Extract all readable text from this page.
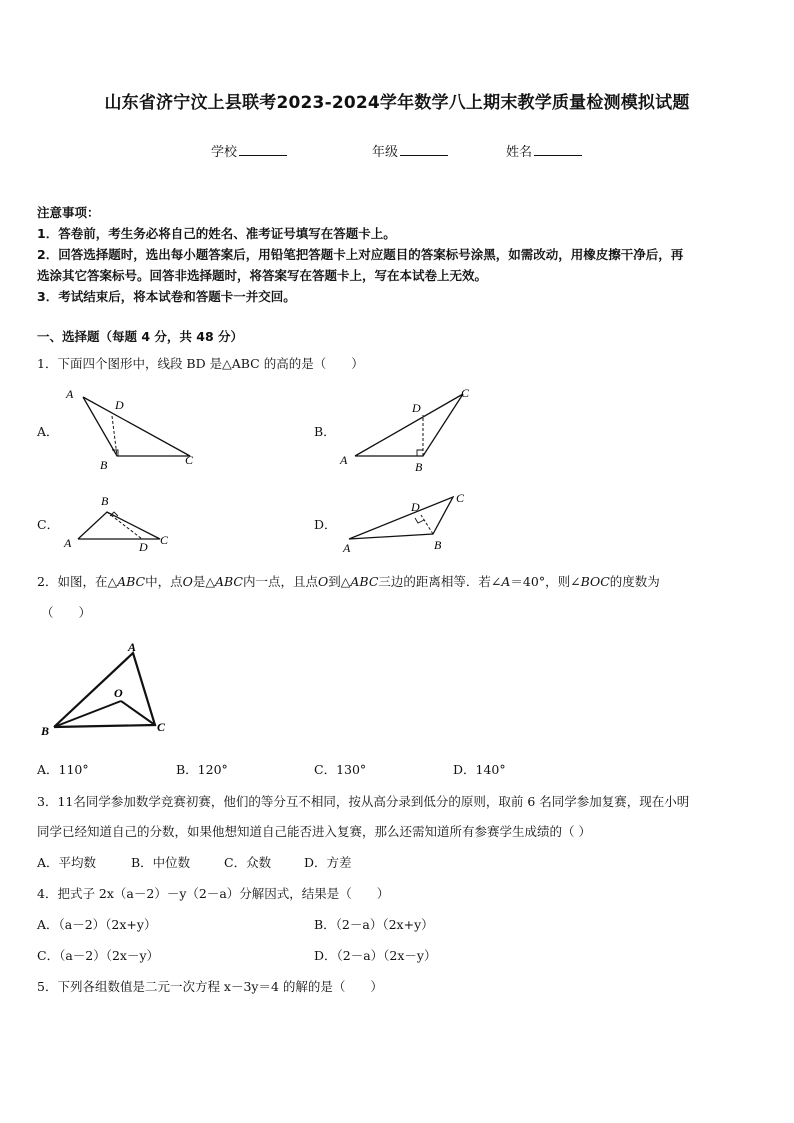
山东省济宁汶上县联考2023-2024学年数学八上期末教学质量检测模拟试题
学校	年级	姓名
注意事项：
1．答卷前，考生务必将自己的姓名、准考证号填写在答题卡上。
2．回答选择题时，选出每小题答案后，用铅笔把答题卡上对应题目的答案标号涂黑，如需改动，用橡皮擦干净后，再
选涂其它答案标号。回答非选择题时，将答案写在答题卡上，写在本试卷上无效。
3．考试结束后，将本试卷和答题卡一并交回。
一、选择题（每题 4 分，共 48 分）
1．下面四个图形中，线段 BD 是△ABC 的高的是（　　）
A．
A
D
B	C
B．
A
D
B
C
C．
A
B
D C
D．
A
D
B
C
2．如图，在△ABC中，点O是△ABC内一点，且点O到△ABC三边的距离相等．若∠A＝40°，则∠BOC的度数为
（　　）
A
O
B	C
A．110°	B．120°	C．130°	D．140°
3．11名同学参加数学竞赛初赛，他们的等分互不相同，按从高分录到低分的原则，取前 6 名同学参加复赛，现在小明
同学已经知道自己的分数，如果他想知道自己能否进入复赛，那么还需知道所有参赛学生成绩的（ ）
A．平均数	B．中位数	C．众数	D．方差
4．把式子 2x（a－2）－y（2－a）分解因式，结果是（　　）
A．（a－2）（2x+y）	B．（2－a）（2x+y）
C．（a－2）（2x－y）	D．（2－a）（2x－y）
5．下列各组数值是二元一次方程 x－3y＝4 的解的是（　　）
